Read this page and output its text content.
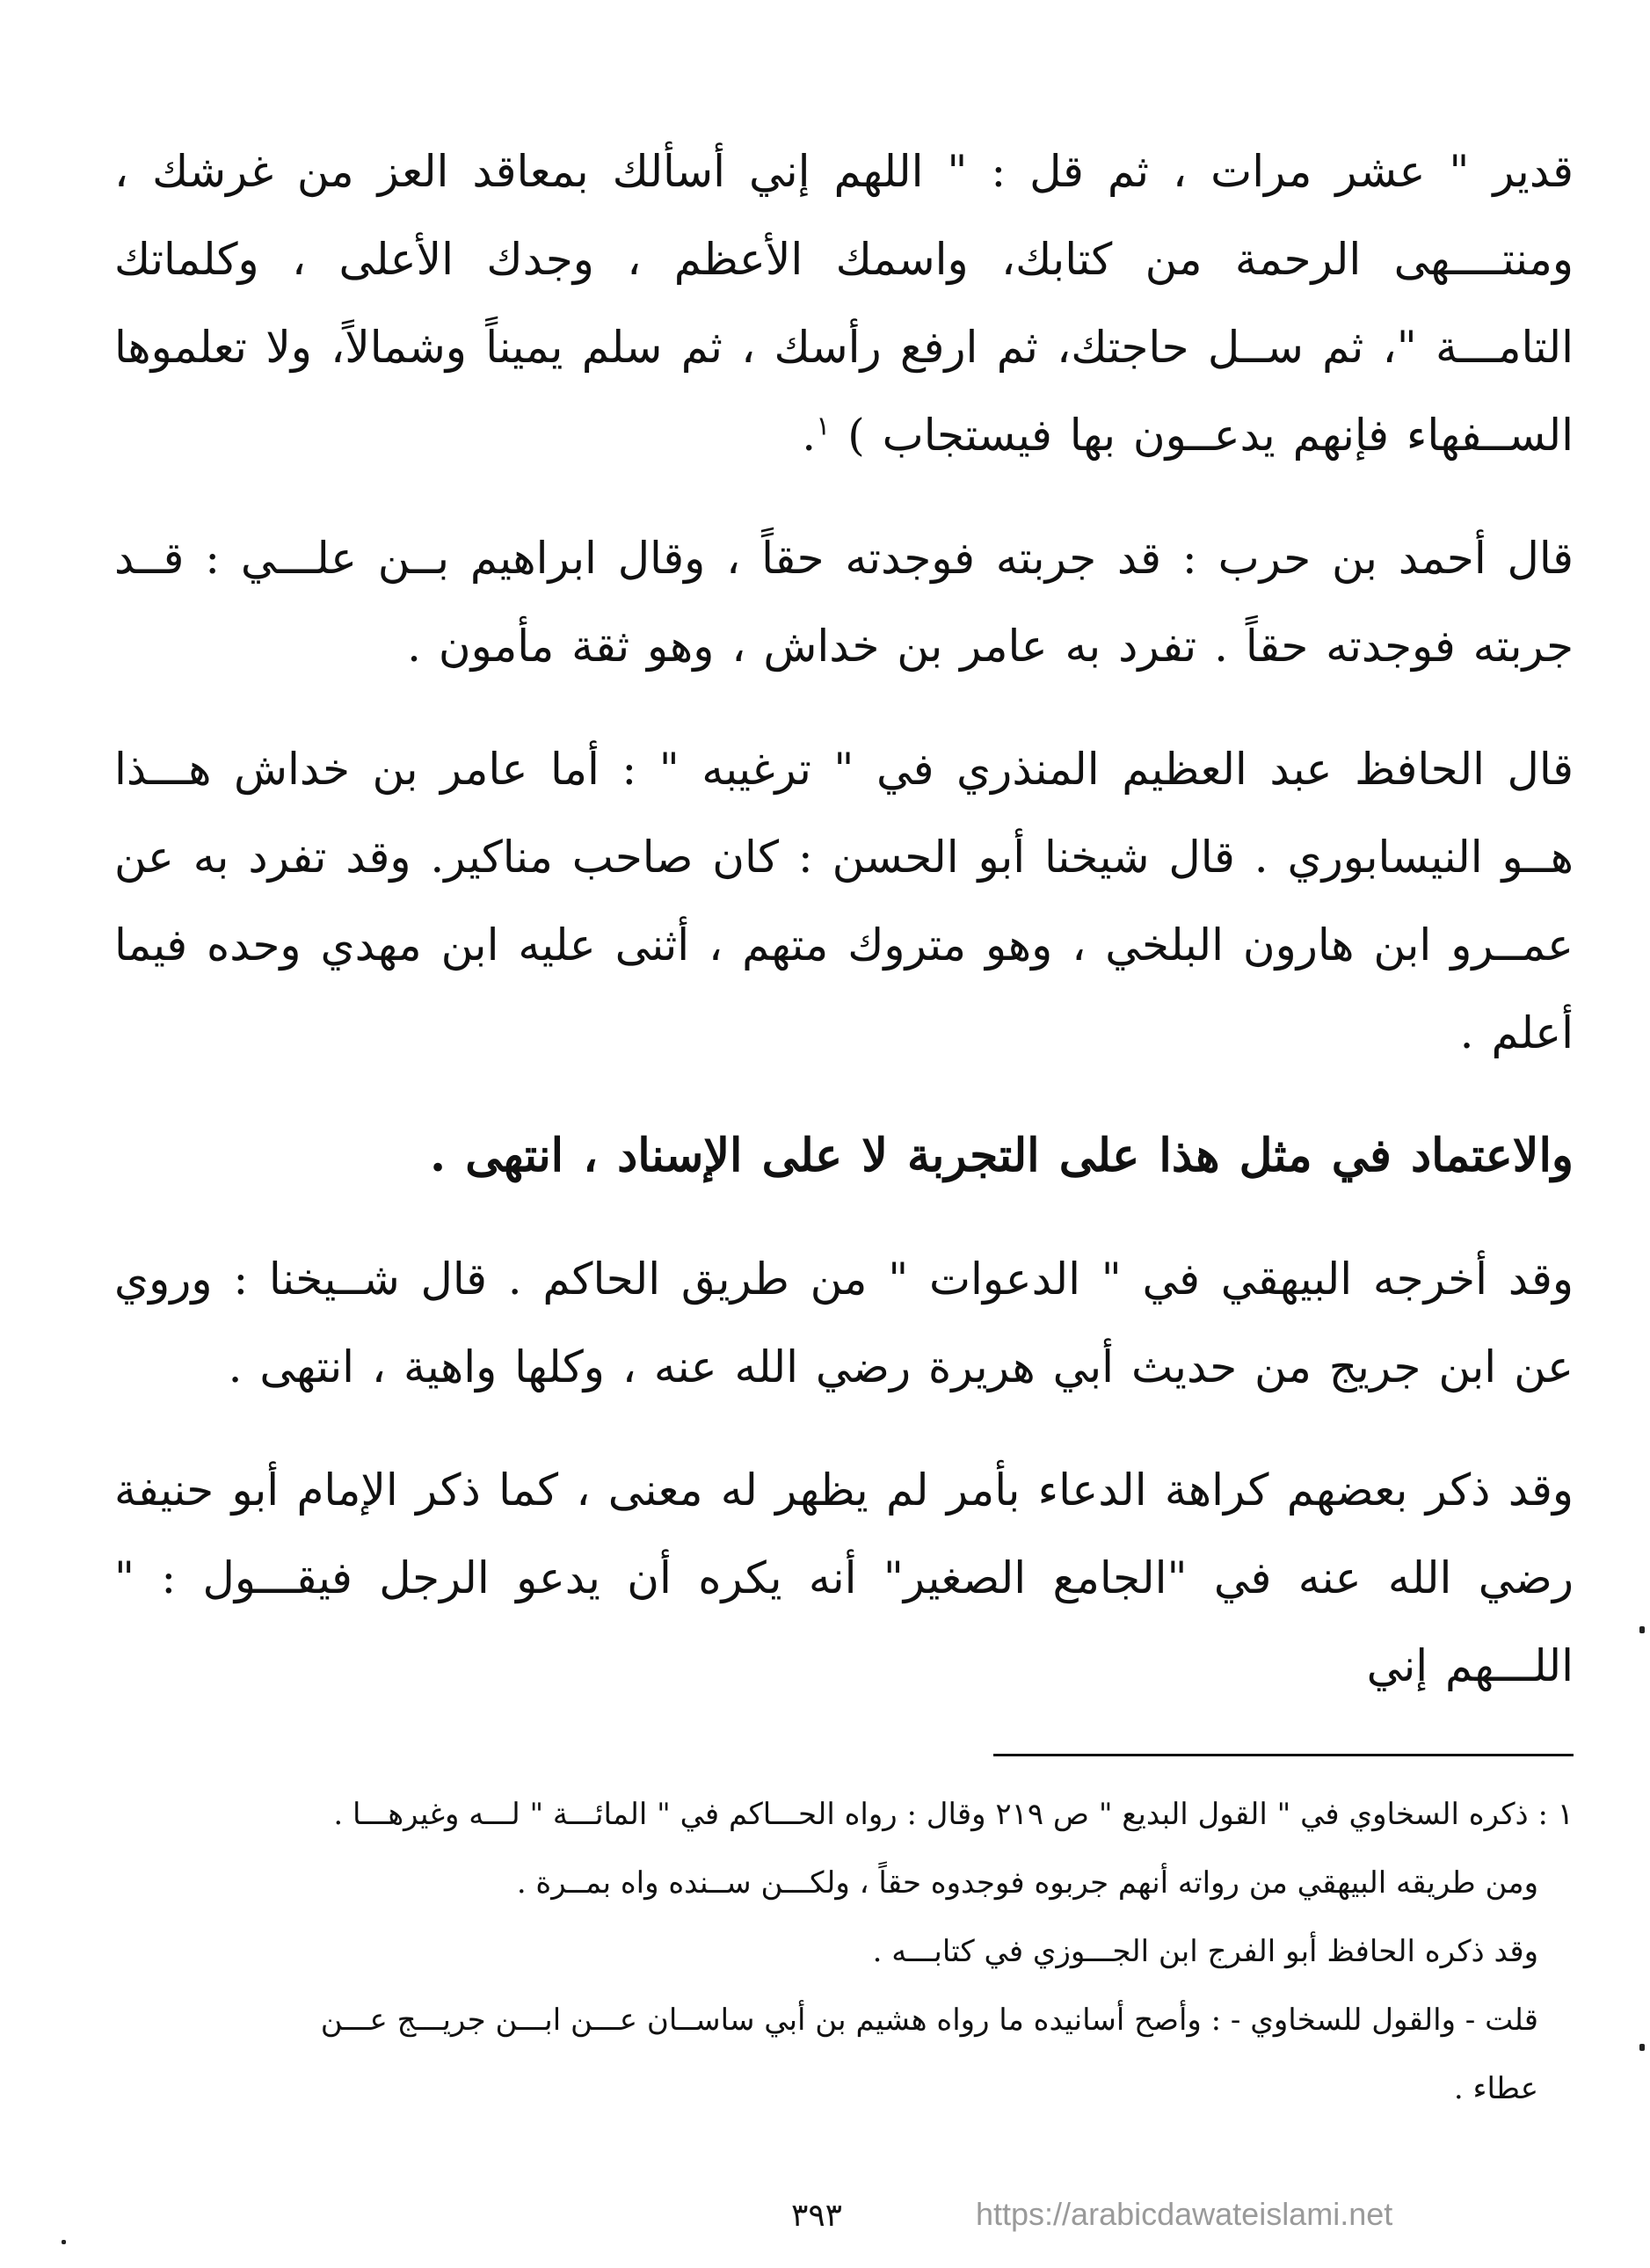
قدير " عشر مرات ، ثم قل : " اللهم إني أسألك بمعاقد العز من غرشك ، ومنتــــهى الرحمة من كتابك، واسمك الأعظم ، وجدك الأعلى ، وكلماتك التامـــة "، ثم ســل حاجتك، ثم ارفع رأسك ، ثم سلم يميناً وشمالاً، ولا تعلموها الســفهاء فإنهم يدعــون بها فيستجاب ) $^١$.

قال أحمد بن حرب : قد جربته فوجدته حقاً ، وقال ابراهيم بــن علـــي : قــد جربته فوجدته حقاً . تفرد به عامر بن خداش ، وهو ثقة مأمون .

قال الحافظ عبد العظيم المنذري في " ترغيبه " : أما عامر بن خداش هـــذا هــو النيسابوري . قال شيخنا أبو الحسن : كان صاحب مناكير. وقد تفرد به عن عمــرو ابن هارون البلخي ، وهو متروك متهم ، أثنى عليه ابن مهدي وحده فيما أعلم .

والاعتماد في مثل هذا على التجربة لا على الإسناد ، انتهى .

وقد أخرجه البيهقي في " الدعوات " من طريق الحاكم . قال شــيخنا : وروي عن ابن جريج من حديث أبي هريرة رضي الله عنه ، وكلها واهية ، انتهى .

وقد ذكر بعضهم كراهة الدعاء بأمر لم يظهر له معنى ، كما ذكر الإمام أبو حنيفة رضي الله عنه في "الجامع الصغير" أنه يكره أن يدعو الرجل فيقـــول : " اللـــهم إني

١ : ذكره السخاوي في " القول البديع " ص ٢١٩ وقال : رواه الحـــاكم في " المائـــة " لـــه وغيرهـــا .

ومن طريقه البيهقي من رواته أنهم جربوه فوجدوه حقاً ، ولكـــن ســنده واه بمــرة .

وقد ذكره الحافظ أبو الفرج ابن الجـــوزي في كتابـــه .

قلت - والقول للسخاوي - : وأصح أسانيده ما رواه هشيم بن أبي ساســان عـــن ابـــن جريـــج عـــن

عطاء .

٣٩٣	https://arabicdawateislami.net
